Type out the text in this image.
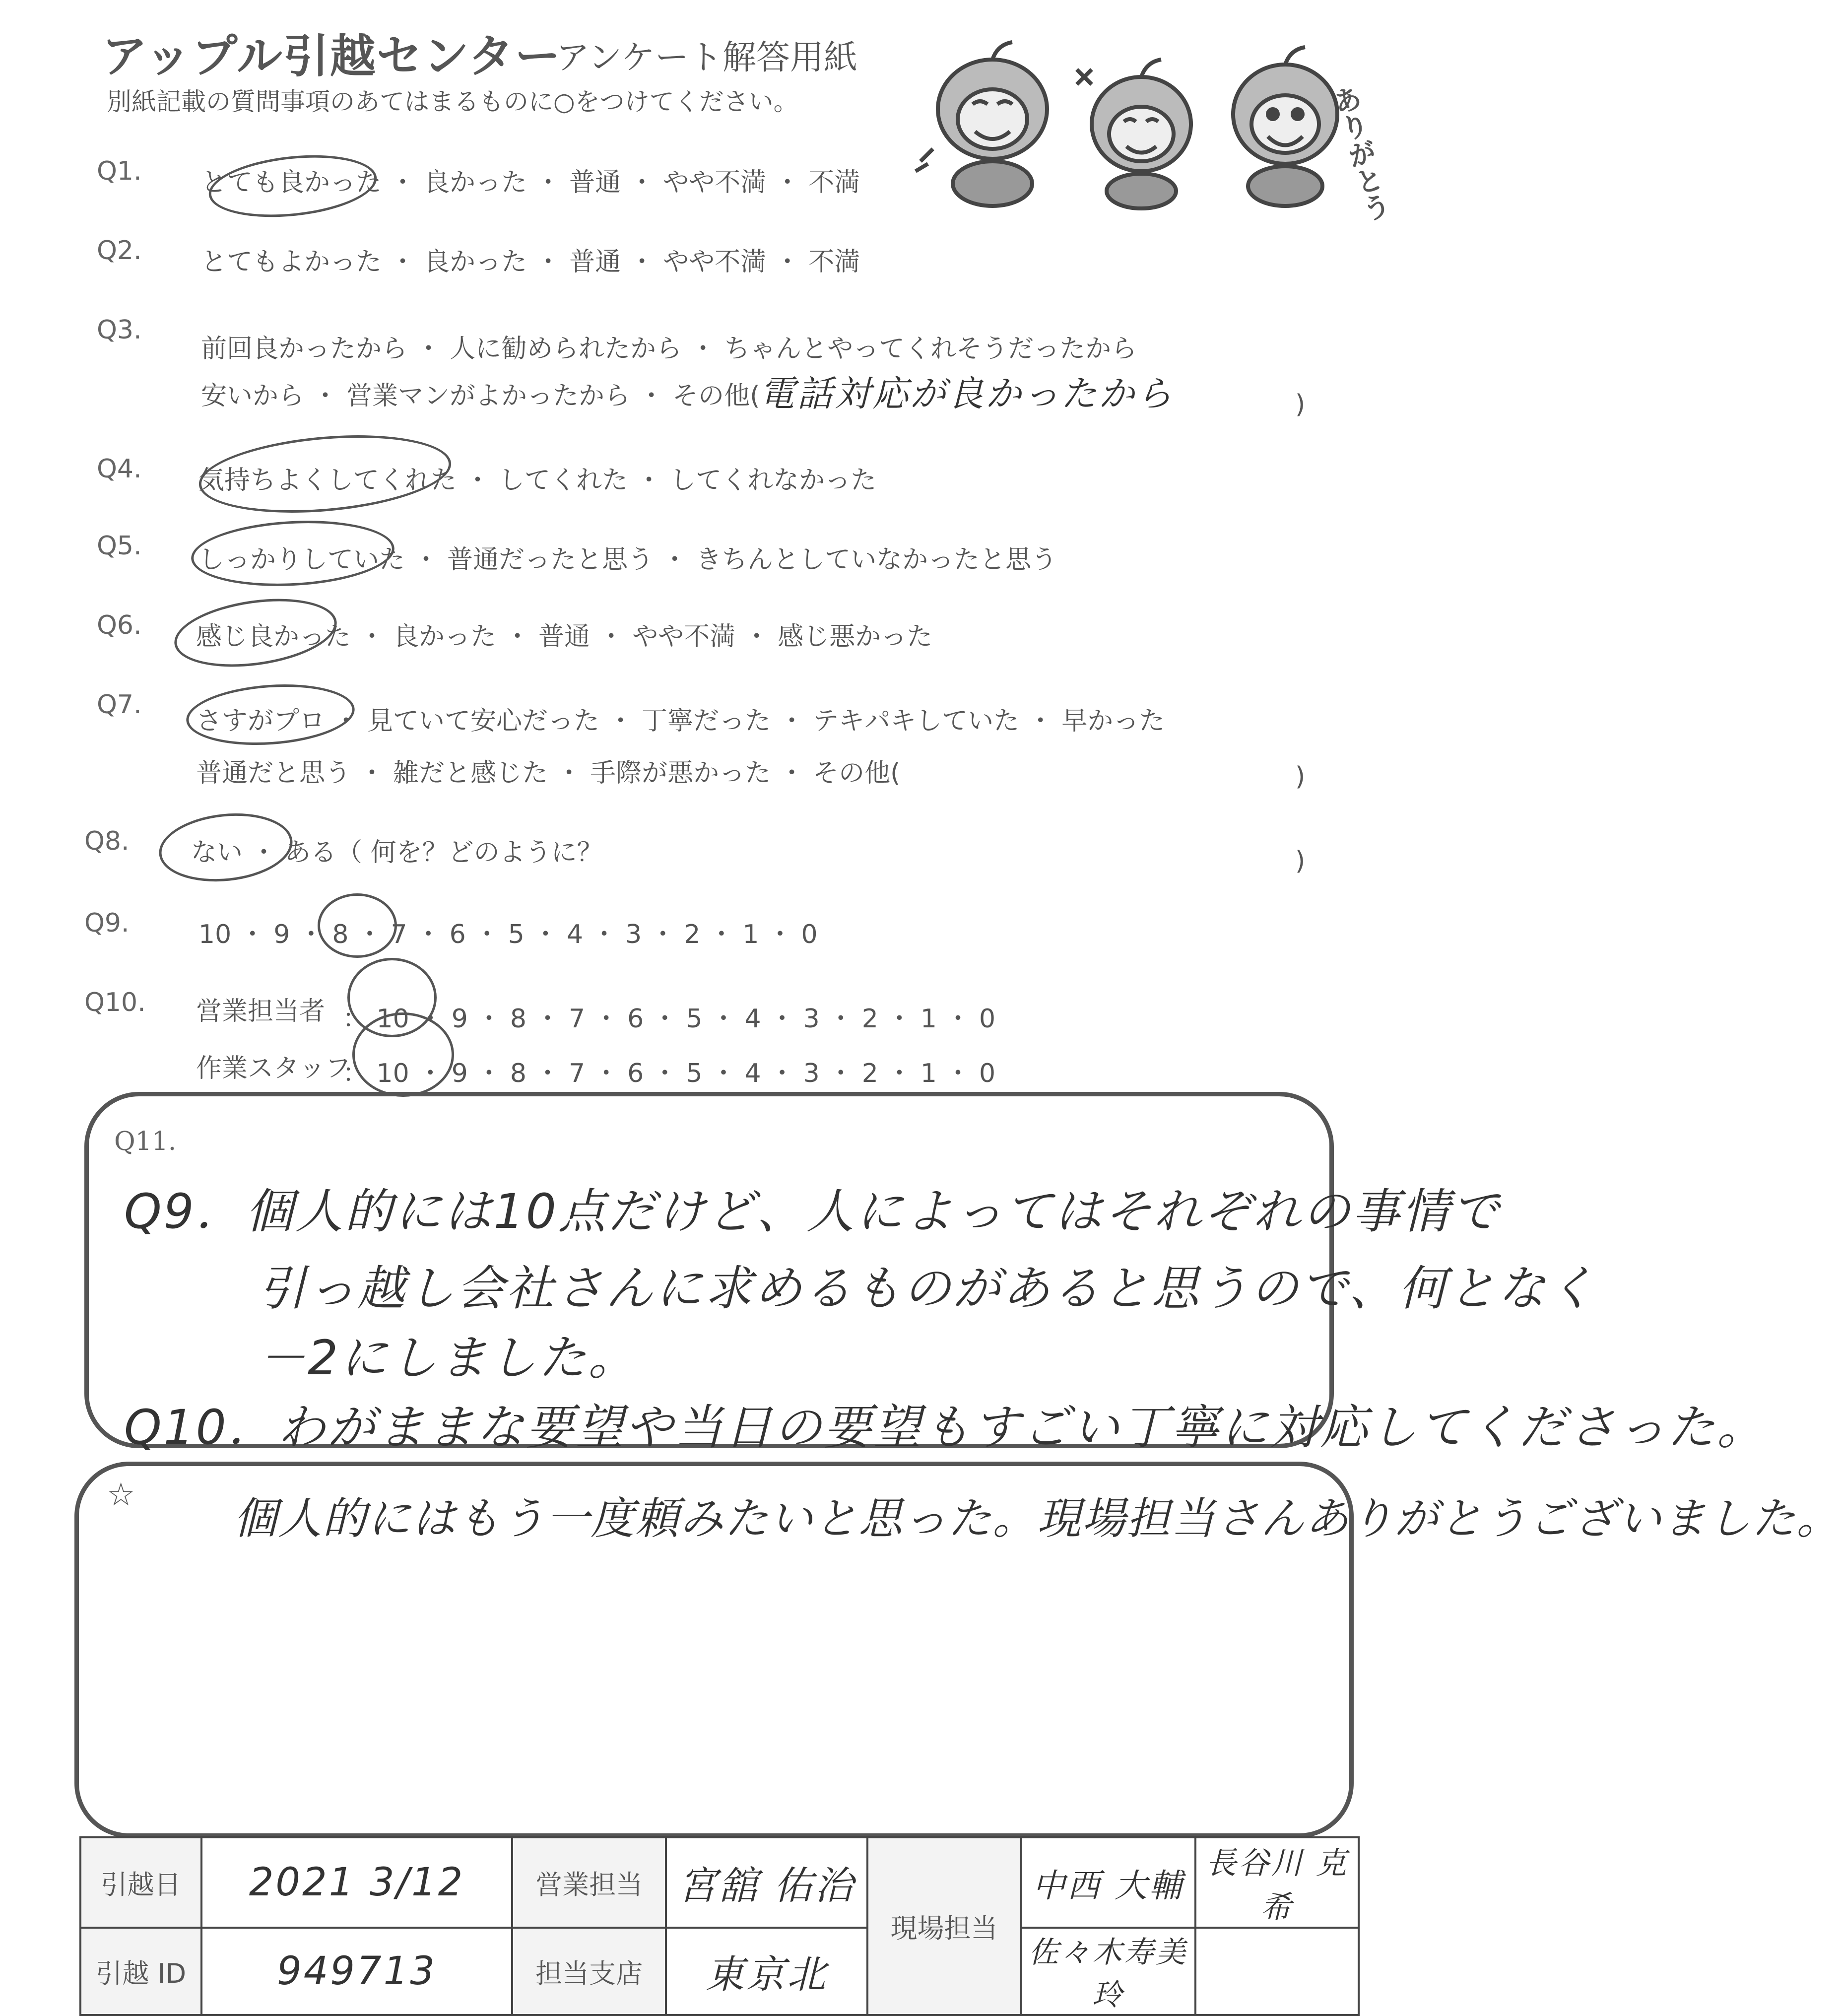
アップル引越センター
アンケート解答用紙
別紙記載の質問事項のあてはまるものに○をつけてください。	ありがとう
Q1. とても良かった ・ 良かった ・ 普通 ・ やや不満 ・ 不満
Q2. とてもよかった ・ 良かった ・ 普通 ・ やや不満 ・ 不満
Q3.
前回良かったから ・ 人に勧められたから ・ ちゃんとやってくれそうだったから
安いから ・ 営業マンがよかったから ・ その他(
電話対応が良かったから	)
Q4. 気持ちよくしてくれた ・ してくれた ・ してくれなかった
Q5. しっかりしていた ・ 普通だったと思う ・ きちんとしていなかったと思う
Q6. 感じ良かった ・ 良かった ・ 普通 ・ やや不満 ・ 感じ悪かった
Q7.
さすがプロ ・ 見ていて安心だった ・ 丁寧だった ・ テキパキしていた ・ 早かった
普通だと思う ・ 雑だと感じた ・ 手際が悪かった ・ その他(	)
Q8. ない ・ ある（ 何を？どのように？	)
Q9.	10 ・ 9 ・ 8 ・ 7 ・ 6 ・ 5 ・ 4 ・ 3 ・ 2 ・ 1 ・ 0
Q10. 営業担当者 ： 10 ・ 9 ・ 8 ・ 7 ・ 6 ・ 5 ・ 4 ・ 3 ・ 2 ・ 1 ・ 0
作業スタッフ
： 10 ・ 9 ・ 8 ・ 7 ・ 6 ・ 5 ・ 4 ・ 3 ・ 2 ・ 1 ・ 0
Q11.
Q9．個人的には10点だけど、人によってはそれぞれの事情で
引っ越し会社さんに求めるものがあると思うので、何となく
－2にしました。
Q10．わがままな要望や当日の要望もすごい丁寧に対応してくださった。
☆ 個人的にはもう一度頼みたいと思った。現場担当さんありがとうございました。
引越日	2021 3/12	営業担当	宮舘 佑治	現場担当	中西 大輔	長谷川 克希
引越 ID	949713	担当支店	東京北		佐々木寿美玲	
